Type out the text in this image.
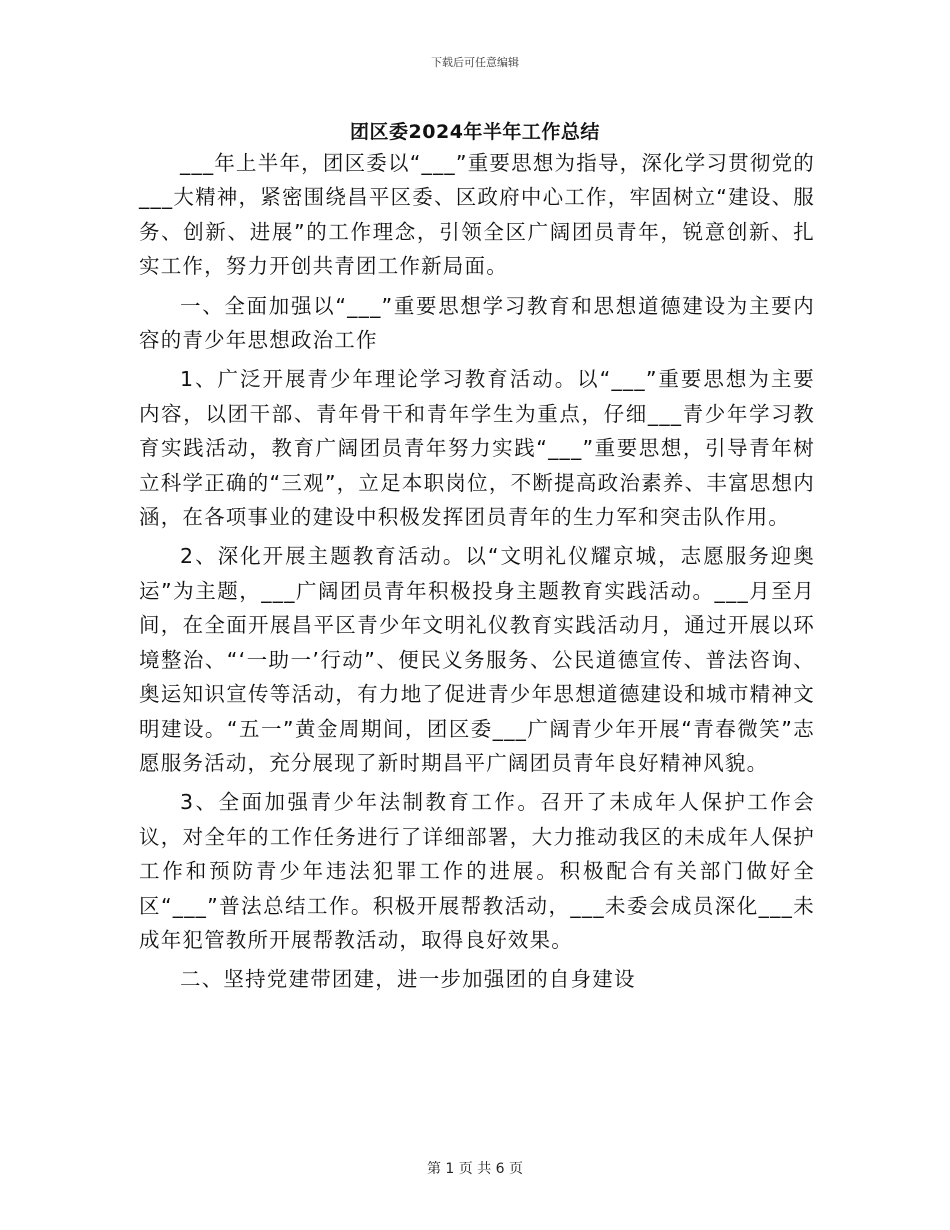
下载后可任意编辑
团区委2024年半年工作总结

___年上半年，团区委以“___”重要思想为指导，深化学习贯彻党的___大精神，紧密围绕昌平区委、区政府中心工作，牢固树立“建设、服务、创新、进展”的工作理念，引领全区广阔团员青年，锐意创新、扎实工作，努力开创共青团工作新局面。

一、全面加强以“___”重要思想学习教育和思想道德建设为主要内容的青少年思想政治工作

1、广泛开展青少年理论学习教育活动。以“___”重要思想为主要内容，以团干部、青年骨干和青年学生为重点，仔细___青少年学习教育实践活动，教育广阔团员青年努力实践“___”重要思想，引导青年树立科学正确的“三观”，立足本职岗位，不断提高政治素养、丰富思想内涵，在各项事业的建设中积极发挥团员青年的生力军和突击队作用。

2、深化开展主题教育活动。以“文明礼仪耀京城，志愿服务迎奥运”为主题，___广阔团员青年积极投身主题教育实践活动。___月至月间，在全面开展昌平区青少年文明礼仪教育实践活动月，通过开展以环境整治、“‘一助一’行动”、便民义务服务、公民道德宣传、普法咨询、奥运知识宣传等活动，有力地了促进青少年思想道德建设和城市精神文明建设。“五一”黄金周期间，团区委___广阔青少年开展“青春微笑”志愿服务活动，充分展现了新时期昌平广阔团员青年良好精神风貌。

3、全面加强青少年法制教育工作。召开了未成年人保护工作会议，对全年的工作任务进行了详细部署，大力推动我区的未成年人保护工作和预防青少年违法犯罪工作的进展。积极配合有关部门做好全区“___”普法总结工作。积极开展帮教活动，___未委会成员深化___未成年犯管教所开展帮教活动，取得良好效果。

二、坚持党建带团建，进一步加强团的自身建设

第 1 页 共 6 页
